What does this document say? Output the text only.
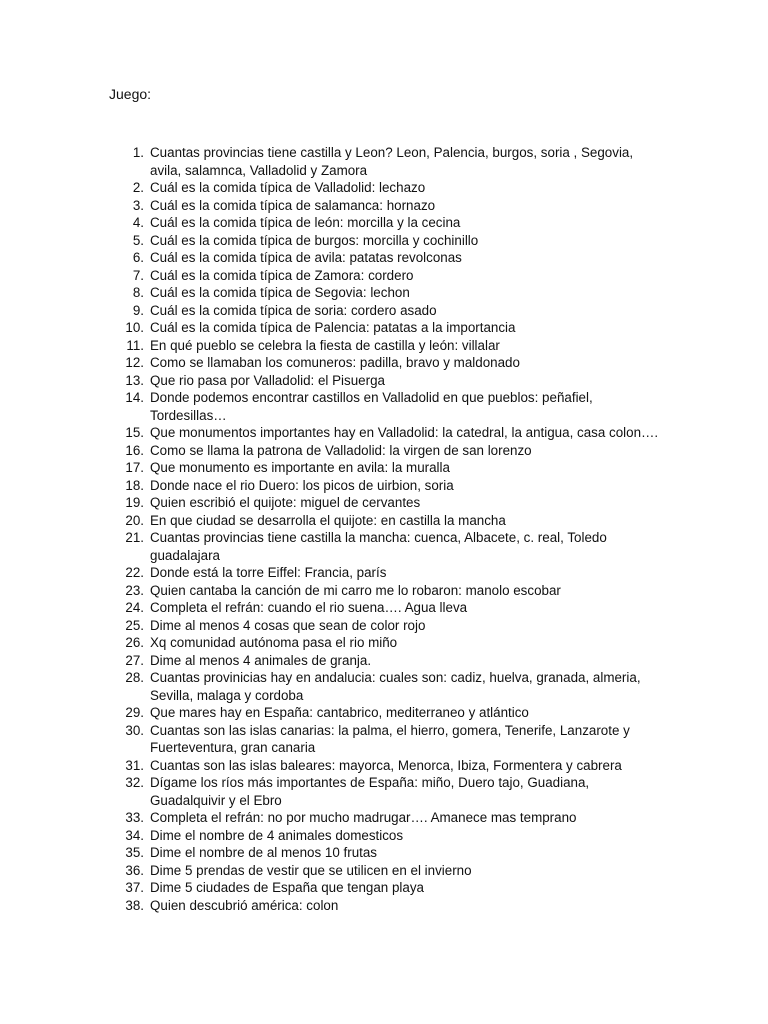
Juego:
1. Cuantas provincias tiene castilla y Leon? Leon, Palencia, burgos, soria , Segovia, avila, salamnca, Valladolid y Zamora
2. Cuál es la comida típica de Valladolid: lechazo
3. Cuál es la comida típica de salamanca: hornazo
4. Cuál es la comida típica de león: morcilla y la cecina
5. Cuál es la comida típica de burgos: morcilla y cochinillo
6. Cuál es la comida típica de avila: patatas revolconas
7. Cuál es la comida típica de Zamora: cordero
8. Cuál es la comida típica de Segovia: lechon
9. Cuál es la comida típica de soria: cordero asado
10. Cuál es la comida típica de Palencia: patatas a la importancia
11. En qué pueblo se celebra la fiesta de castilla y león: villalar
12. Como se llamaban los comuneros: padilla, bravo y maldonado
13. Que rio pasa por Valladolid: el Pisuerga
14. Donde podemos encontrar castillos en Valladolid en que pueblos: peñafiel, Tordesillas…
15. Que monumentos importantes hay en Valladolid: la catedral, la antigua, casa colon….
16. Como se llama la patrona de Valladolid: la virgen de san lorenzo
17. Que monumento es importante en avila: la muralla
18. Donde nace el rio Duero: los picos de uirbion, soria
19. Quien escribió el quijote: miguel de cervantes
20. En que ciudad se desarrolla el quijote: en castilla la mancha
21. Cuantas provincias tiene castilla la mancha: cuenca, Albacete, c. real, Toledo guadalajara
22. Donde está la torre Eiffel: Francia, parís
23. Quien cantaba la canción de mi carro me lo robaron: manolo escobar
24. Completa el refrán: cuando el rio suena…. Agua lleva
25. Dime al menos 4 cosas que sean de color rojo
26. Xq comunidad autónoma pasa el rio miño
27. Dime al menos 4 animales de granja.
28. Cuantas provinicias hay en andalucia: cuales son: cadiz, huelva, granada, almeria, Sevilla, malaga y cordoba
29. Que mares hay en España: cantabrico, mediterraneo y atlántico
30. Cuantas son las islas canarias: la palma, el hierro, gomera, Tenerife, Lanzarote y Fuerteventura, gran canaria
31. Cuantas son las islas baleares: mayorca, Menorca, Ibiza, Formentera y cabrera
32. Dígame los ríos más importantes de España: miño, Duero tajo, Guadiana, Guadalquivir y el Ebro
33. Completa el refrán: no por mucho madrugar…. Amanece mas temprano
34. Dime el nombre de 4 animales domesticos
35. Dime el nombre de al menos 10 frutas
36. Dime 5 prendas de vestir que se utilicen en el invierno
37. Dime 5 ciudades de España que tengan playa
38. Quien descubrió américa: colon
